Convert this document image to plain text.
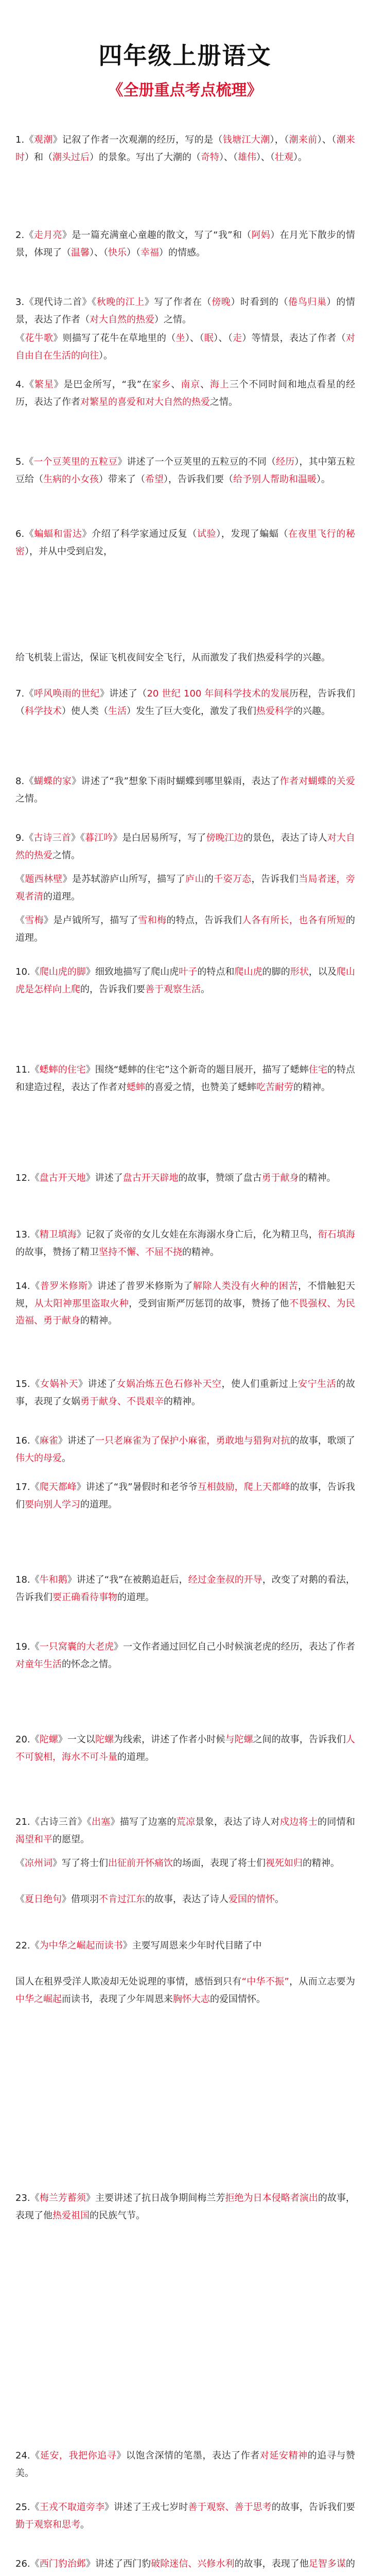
四年级上册语文
《全册重点考点梳理》
1.《观潮》记叙了作者一次观潮的经历，写的是（钱塘江大潮），（潮来前）、（潮来时）和（潮头过后）的景象。写出了大潮的（奇特）、（雄伟）、（壮观）。
2.《走月亮》是一篇充满童心童趣的散文，写了“我”和（阿妈）在月光下散步的情景，体现了（温馨）、（快乐）（幸福）的情感。
3.《现代诗二首》《秋晚的江上》写了作者在（傍晚）时看到的（倦鸟归巢）的情景，表达了作者（对大自然的热爱）之情。
《花牛歌》则描写了花牛在草地里的（坐）、（眠）、（走）等情景，表达了作者（对自由自在生活的向往）。
4.《繁星》是巴金所写，“我”在家乡、南京、海上三个不同时间和地点看星的经历，表达了作者对繁星的喜爱和对大自然的热爱之情。
5.《一个豆荚里的五粒豆》讲述了一个豆荚里的五粒豆的不同（经历），其中第五粒豆给（生病的小女孩）带来了（希望），告诉我们要（给予别人帮助和温暖）。
6.《蝙蝠和雷达》介绍了科学家通过反复（试验），发现了蝙蝠（在夜里飞行的秘密），并从中受到启发，
给飞机装上雷达，保证飞机夜间安全飞行，从而激发了我们热爱科学的兴趣。
7.《呼风唤雨的世纪》讲述了（20 世纪 100 年间科学技术的发展历程，告诉我们（科学技术）使人类（生活）发生了巨大变化，激发了我们热爱科学的兴趣。
8.《蝴蝶的家》讲述了“我”想象下雨时蝴蝶到哪里躲雨，表达了作者对蝴蝶的关爱之情。
9.《古诗三首》《暮江吟》是白居易所写，写了傍晚江边的景色，表达了诗人对大自然的热爱之情。
《题西林壁》是苏轼游庐山所写，描写了庐山的千姿万态，告诉我们当局者迷，旁观者清的道理。
《雪梅》是卢钺所写，描写了雪和梅的特点，告诉我们人各有所长，也各有所短的道理。
10.《爬山虎的脚》细致地描写了爬山虎叶子的特点和爬山虎的脚的形状，以及爬山虎是怎样向上爬的，告诉我们要善于观察生活。
11.《蟋蟀的住宅》围绕“蟋蟀的住宅”这个新奇的题目展开，描写了蟋蟀住宅的特点和建造过程，表达了作者对蟋蟀的喜爱之情，也赞美了蟋蟀吃苦耐劳的精神。
12.《盘古开天地》讲述了盘古开天辟地的故事，赞颂了盘古勇于献身的精神。
13.《精卫填海》记叙了炎帝的女儿女娃在东海溺水身亡后，化为精卫鸟，衔石填海的故事，赞扬了精卫坚持不懈、不屈不挠的精神。
14.《普罗米修斯》讲述了普罗米修斯为了解除人类没有火种的困苦，不惜触犯天规，从太阳神那里盗取火种，受到宙斯严厉惩罚的故事，赞扬了他不畏强权、为民造福、勇于献身的精神。
15.《女娲补天》讲述了女娲冶炼五色石修补天空，使人们重新过上安宁生活的故事，表现了女娲勇于献身、不畏艰辛的精神。
16.《麻雀》讲述了一只老麻雀为了保护小麻雀，勇敢地与猎狗对抗的故事，歌颂了伟大的母爱。
17.《爬天都峰》讲述了“我”暑假时和老爷爷互相鼓励，爬上天都峰的故事，告诉我们要向别人学习的道理。
18.《牛和鹅》讲述了“我”在被鹅追赶后，经过金奎叔的开导，改变了对鹅的看法，告诉我们要正确看待事物的道理。
19.《一只窝囊的大老虎》一文作者通过回忆自己小时候演老虎的经历，表达了作者对童年生活的怀念之情。
20.《陀螺》一文以陀螺为线索，讲述了作者小时候与陀螺之间的故事，告诉我们人不可貌相，海水不可斗量的道理。
21.《古诗三首》《出塞》描写了边塞的荒凉景象，表达了诗人对戍边将士的同情和渴望和平的愿望。
《凉州词》写了将士们出征前开怀痛饮的场面，表现了将士们视死如归的精神。
《夏日绝句》借项羽不肯过江东的故事，表达了诗人爱国的情怀。
22.《为中华之崛起而读书》主要写周恩来少年时代目睹了中
国人在租界受洋人欺凌却无处说理的事情，感悟到只有“中华不振”，从而立志要为中华之崛起而读书，表现了少年周恩来胸怀大志的爱国情怀。
23.《梅兰芳蓄须》主要讲述了抗日战争期间梅兰芳拒绝为日本侵略者演出的故事，表现了他热爱祖国的民族气节。
24.《延安，我把你追寻》以饱含深情的笔墨，表达了作者对延安精神的追寻与赞美。
25.《王戎不取道旁李》讲述了王戎七岁时善于观察、善于思考的故事，告诉我们要勤于观察和思考。
26.《西门豹治邺》讲述了西门豹破除迷信、兴修水利的故事，表现了他足智多谋的
